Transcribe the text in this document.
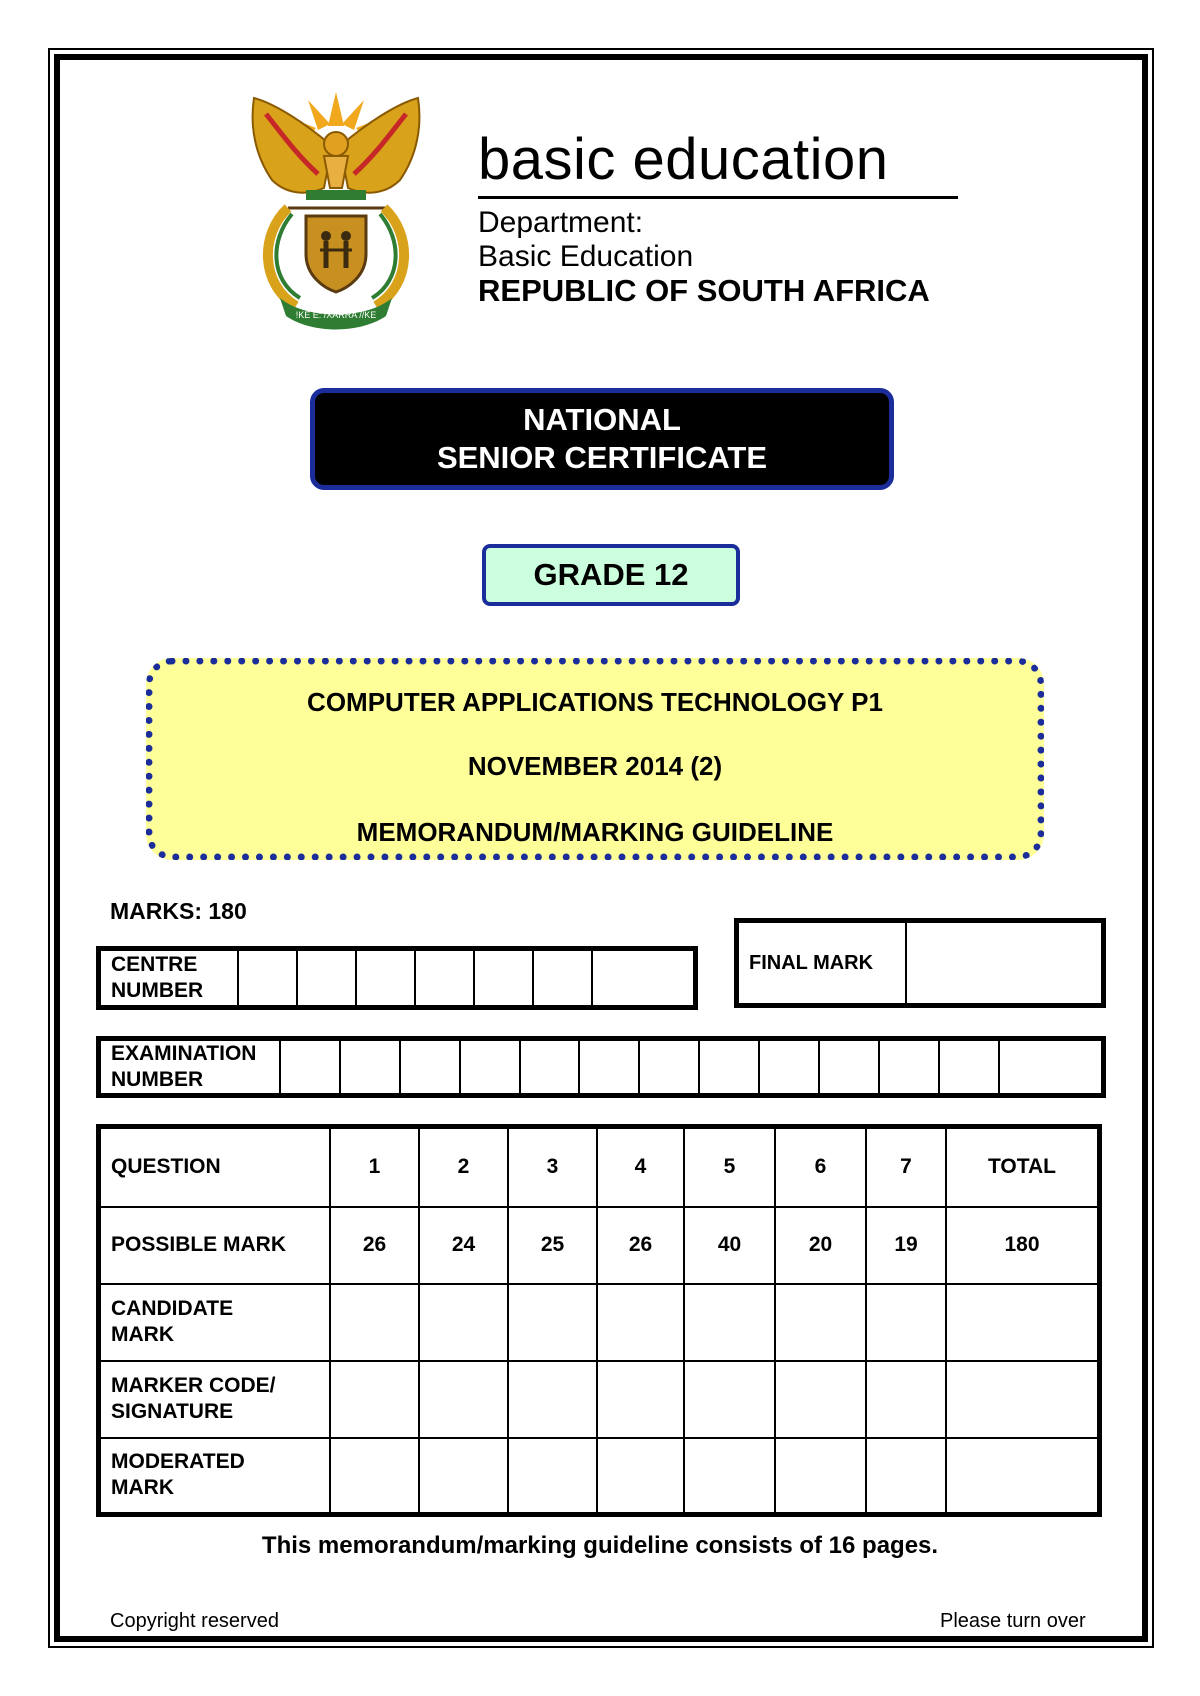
!KE E: /XARRA //KE
basic education
Department:
Basic Education
REPUBLIC OF SOUTH AFRICA
NATIONAL
SENIOR CERTIFICATE
GRADE 12
COMPUTER APPLICATIONS TECHNOLOGY P1
NOVEMBER 2014 (2)
MEMORANDUM/MARKING GUIDELINE
MARKS: 180
CENTRE
NUMBER

FINAL MARK	
EXAMINATION
NUMBER

QUESTION	1	2	3	4	5	6	7	TOTAL
POSSIBLE MARK	26	24	25	26	40	20	19	180

CANDIDATE
MARK								

MARKER CODE/
SIGNATURE								

MODERATED
MARK								

This memorandum/marking guideline consists of 16 pages.
Copyright reserved	Please turn over
